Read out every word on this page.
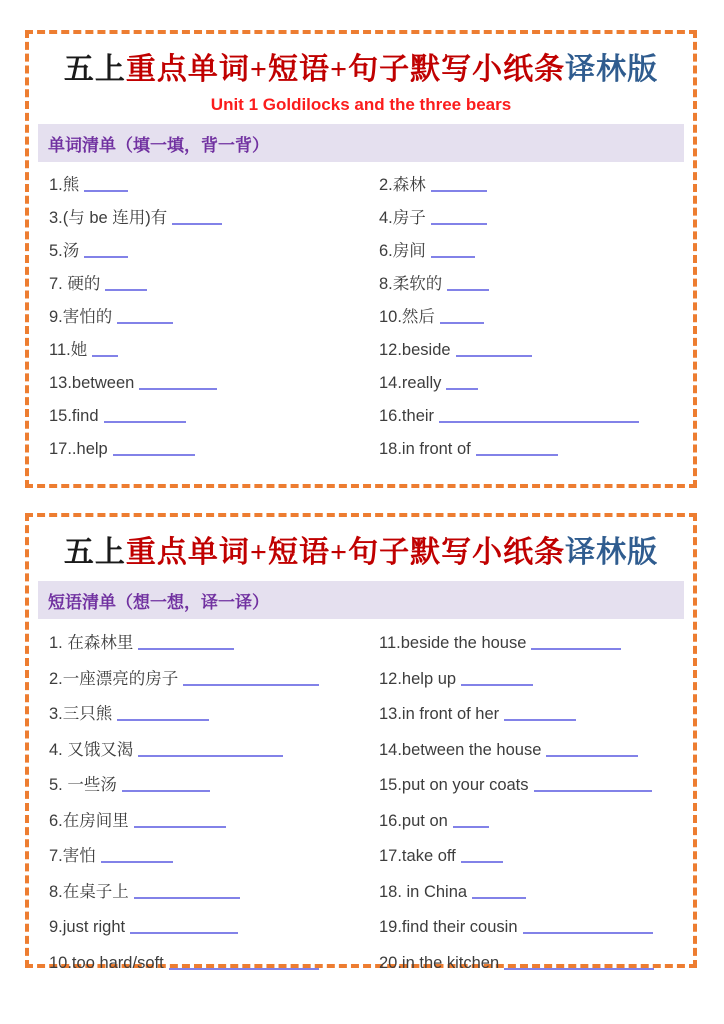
五上重点单词+短语+句子默写小纸条译林版
Unit 1 Goldilocks and the three bears
单词清单（填一填，背一背）
1.熊
3.(与 be 连用)有
5.汤
7. 硬的
9.害怕的
11.她
13.between
15.find
17..help
2.森林
4.房子
6.房间
8.柔软的
10.然后
12.beside
14.really
16.their
18.in front of
五上重点单词+短语+句子默写小纸条译林版
短语清单（想一想，译一译）
1. 在森林里
2.一座漂亮的房子
3.三只熊
4. 又饿又渴
5. 一些汤
6.在房间里
7.害怕
8.在桌子上
9.just right
10.too hard/soft
11.beside the house
12.help up
13.in front of her
14.between the house
15.put on your coats
16.put on
17.take off
18. in China
19.find their cousin
20.in the kitchen
